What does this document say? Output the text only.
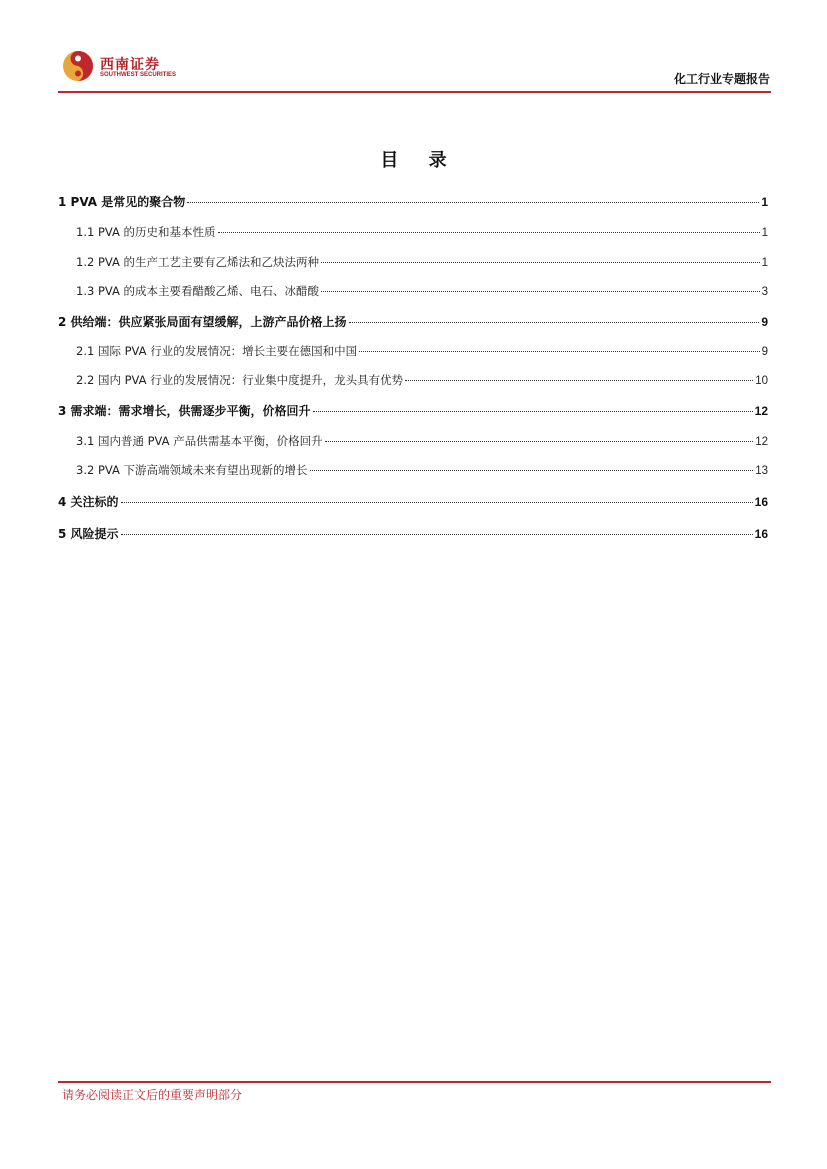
西南证券
SOUTHWEST SECURITIES	化工行业专题报告
目 录
1 PVA 是常见的聚合物	1
1.1 PVA 的历史和基本性质	1
1.2 PVA 的生产工艺主要有乙烯法和乙炔法两种	1
1.3 PVA 的成本主要看醋酸乙烯、电石、冰醋酸	3
2 供给端：供应紧张局面有望缓解，上游产品价格上扬	9
2.1 国际 PVA 行业的发展情况：增长主要在德国和中国	9
2.2 国内 PVA 行业的发展情况：行业集中度提升，龙头具有优势	10
3 需求端：需求增长，供需逐步平衡，价格回升	12
3.1 国内普通 PVA 产品供需基本平衡，价格回升	12
3.2 PVA 下游高端领域未来有望出现新的增长	13
4 关注标的	16
5 风险提示	16
请务必阅读正文后的重要声明部分
